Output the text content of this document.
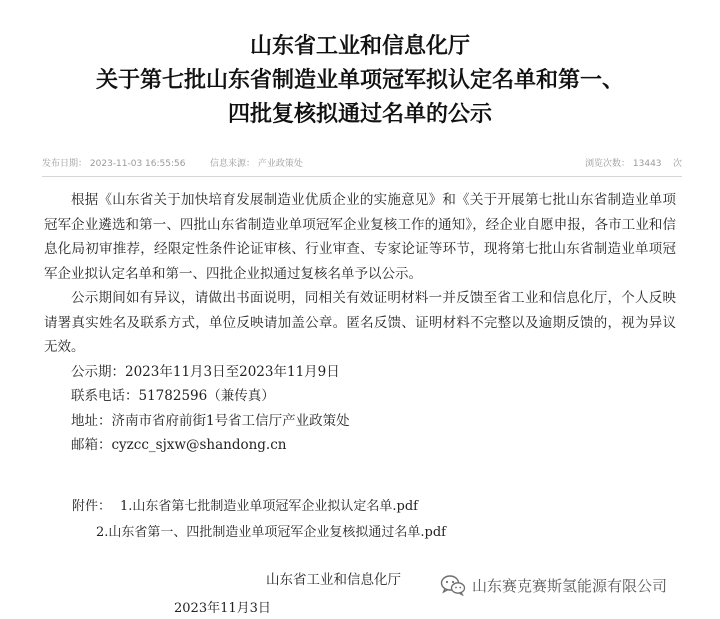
山东省工业和信息化厅
关于第七批山东省制造业单项冠军拟认定名单和第一、
四批复核拟通过名单的公示
发布日期： 2023-11-03 16:55:56	信息来源： 产业政策处	浏览次数： 13443 次

根据《山东省关于加快培育发展制造业优质企业的实施意见》和《关于开展第七批山东省制造业单项冠军企业遴选和第一、四批山东省制造业单项冠军企业复核工作的通知》，经企业自愿申报，各市工业和信息化局初审推荐，经限定性条件论证审核、行业审查、专家论证等环节，现将第七批山东省制造业单项冠军企业拟认定名单和第一、四批企业拟通过复核名单予以公示。

公示期间如有异议，请做出书面说明，同相关有效证明材料一并反馈至省工业和信息化厅，个人反映请署真实姓名及联系方式，单位反映请加盖公章。匿名反馈、证明材料不完整以及逾期反馈的，视为异议无效。

公示期：2023年11月3日至2023年11月9日

联系电话：51782596（兼传真）

地址：济南市省府前街1号省工信厅产业政策处

邮箱：cyzcc_sjxw@shandong.cn

附件： 1.山东省第七批制造业单项冠军企业拟认定名单.pdf
2.山东省第一、四批制造业单项冠军企业复核拟通过名单.pdf
山东省工业和信息化厅
2023年11月3日
山东赛克赛斯氢能源有限公司
